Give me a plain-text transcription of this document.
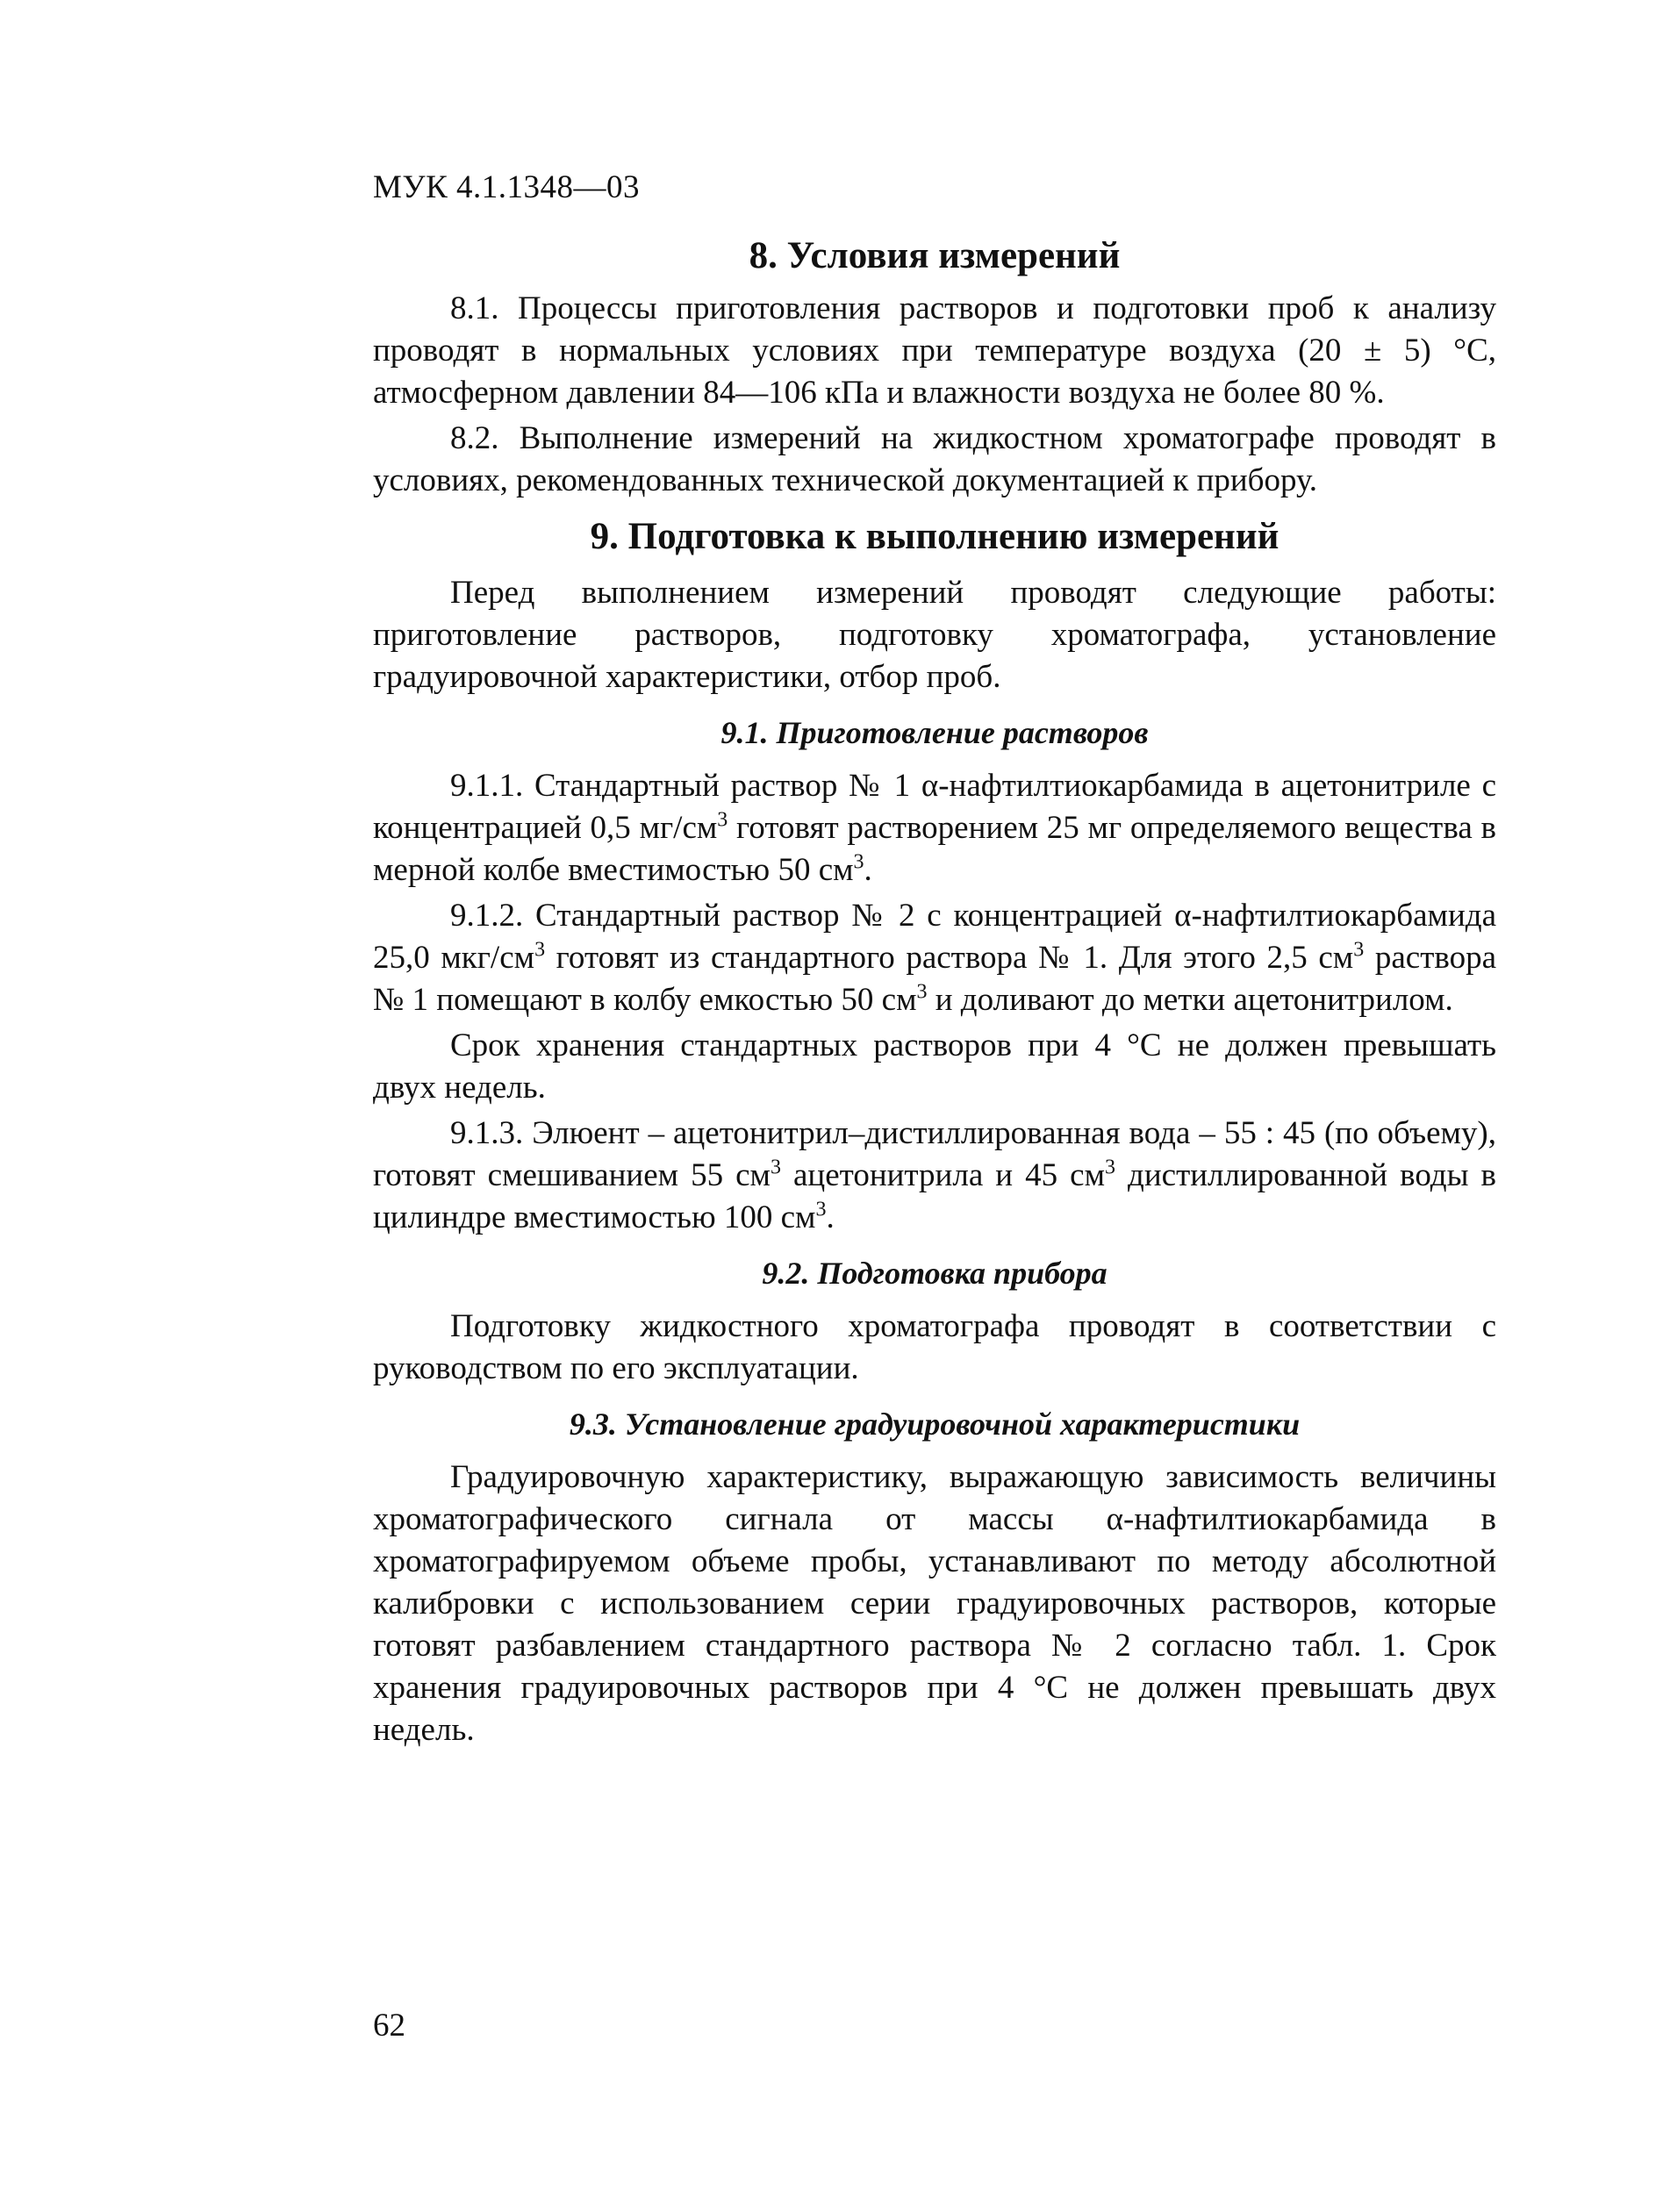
МУК 4.1.1348—03
8. Условия измерений

8.1. Процессы приготовления растворов и подготовки проб к анализу проводят в нормальных условиях при температуре воздуха (20 ± 5) °С, атмосферном давлении 84—106 кПа и влажности воздуха не более 80 %.

8.2. Выполнение измерений на жидкостном хроматографе проводят в условиях, рекомендованных технической документацией к прибору.

9. Подготовка к выполнению измерений

Перед выполнением измерений проводят следующие работы: приготовление растворов, подготовку хроматографа, установление градуировочной характеристики, отбор проб.

9.1. Приготовление растворов

9.1.1. Стандартный раствор № 1 α-нафтилтиокарбамида в ацетонитриле с концентрацией 0,5 $мг/см^3$ готовят растворением 25 мг определяемого вещества в мерной колбе вместимостью 50 $см^3$.

9.1.2. Стандартный раствор № 2 с концентрацией α-нафтилтиокарбамида 25,0 мкг/$см^3$ готовят из стандартного раствора № 1. Для этого 2,5 $см^3$ раствора № 1 помещают в колбу емкостью 50 $см^3$ и доливают до метки ацетонитрилом.

Срок хранения стандартных растворов при 4 °С не должен превышать двух недель.

9.1.3. Элюент – ацетонитрил–дистиллированная вода – 55 : 45 (по объему), готовят смешиванием 55 $см^3$ ацетонитрила и 45 $см^3$ дистиллированной воды в цилиндре вместимостью 100 $см^3$.

9.2. Подготовка прибора

Подготовку жидкостного хроматографа проводят в соответствии с руководством по его эксплуатации.

9.3. Установление градуировочной характеристики

Градуировочную характеристику, выражающую зависимость величины хроматографического сигнала от массы α-нафтилтиокарбамида в хроматографируемом объеме пробы, устанавливают по методу абсолютной калибровки с использованием серии градуировочных растворов, которые готовят разбавлением стандартного раствора № 2 согласно табл. 1. Срок хранения градуировочных растворов при 4 °С не должен превышать двух недель.

62
